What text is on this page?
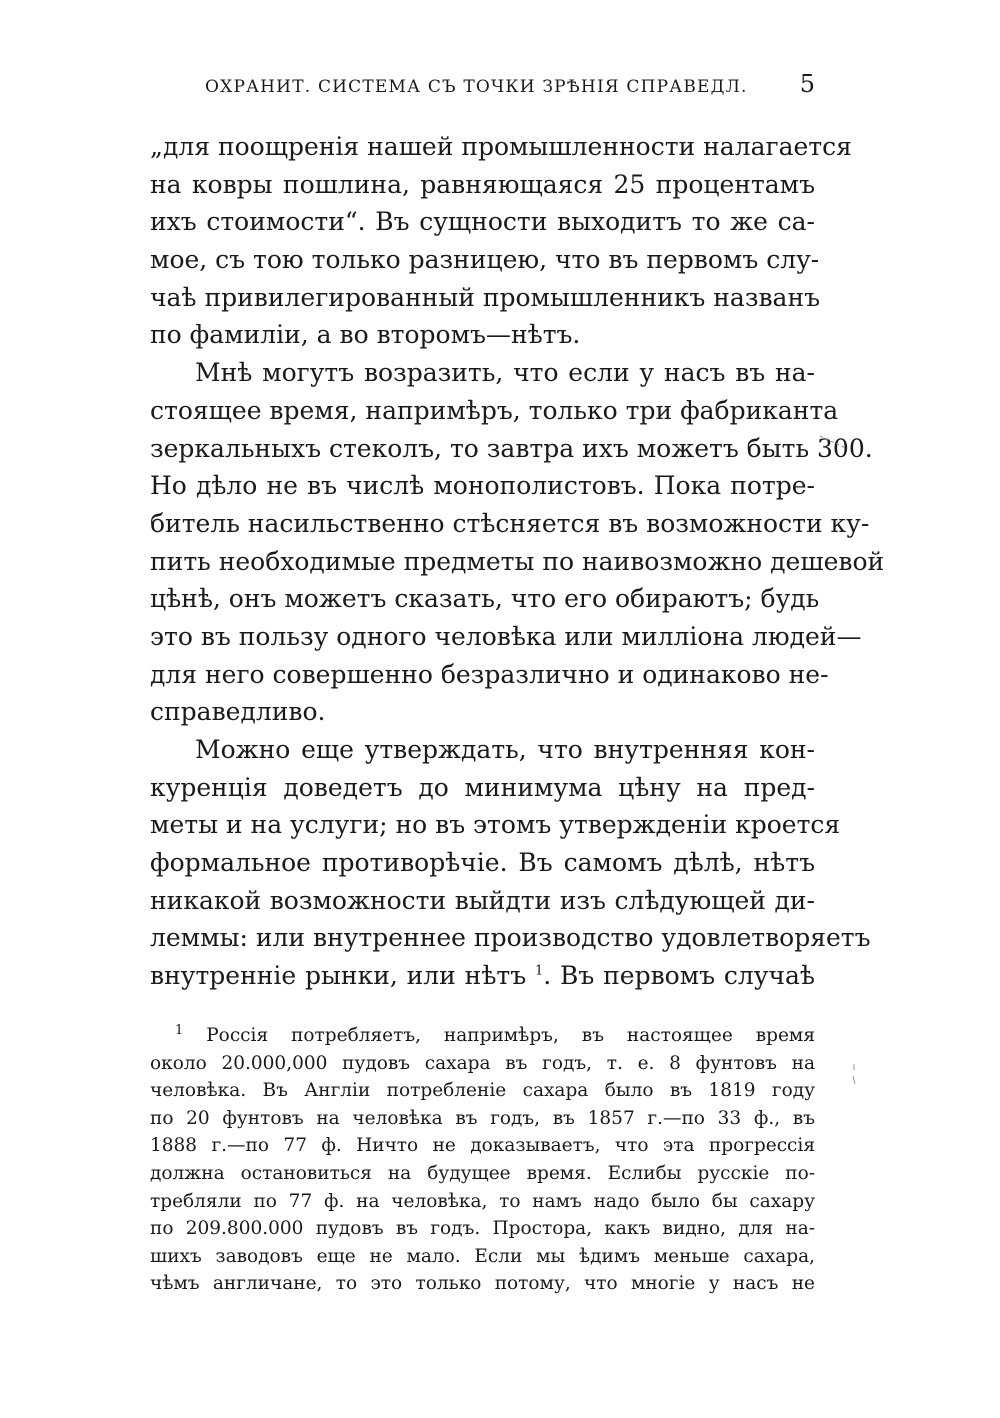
ОХРАНИТ. СИСТЕМА СЪ ТОЧКИ ЗРѢНІЯ СПРАВЕДЛ. 5
„для поощренія нашей промышленности налагается
на ковры пошлина, равняющаяся 25 процентамъ
ихъ стоимости“. Въ сущности выходитъ то же са-
мое, съ тою только разницею, что въ первомъ слу-
чаѣ привилегированный промышленникъ названъ
по фамиліи, а во второмъ—нѣтъ.
Мнѣ могутъ возразить, что если у насъ въ на-
стоящее время, напримѣръ, только три фабриканта
зеркальныхъ стеколъ, то завтра ихъ можетъ быть 300.
Но дѣло не въ числѣ монополистовъ. Пока потре-
битель насильственно стѣсняется въ возможности ку-
пить необходимые предметы по наивозможно дешевой
цѣнѣ, онъ можетъ сказать, что его обираютъ; будь
это въ пользу одного человѣка или милліона людей—
для него совершенно безразлично и одинаково не-
справедливо.
Можно еще утверждать, что внутренняя кон-
куренція доведетъ до минимума цѣну на пред-
меты и на услуги; но въ этомъ утвержденіи кроется
формальное противорѣчіе. Въ самомъ дѣлѣ, нѣтъ
никакой возможности выйдти изъ слѣдующей ди-
леммы: или внутреннее производство удовлетворяетъ
внутренніе рынки, или нѣтъ $^1$. Въ первомъ случаѣ
$^1$ Россія потребляетъ, напримѣръ, въ настоящее время
около 20.000,000 пудовъ сахара въ годъ, т. е. 8 фунтовъ на
человѣка. Въ Англіи потребленіе сахара было въ 1819 году
по 20 фунтовъ на человѣка въ годъ, въ 1857 г.—по 33 ф., въ
1888 г.—по 77 ф. Ничто не доказываетъ, что эта прогрессія
должна остановиться на будущее время. Еслибы русскіе по-
требляли по 77 ф. на человѣка, то намъ надо было бы сахару
по 209.800.000 пудовъ въ годъ. Простора, какъ видно, для на-
шихъ заводовъ еще не мало. Если мы ѣдимъ меньше сахара,
чѣмъ англичане, то это только потому, что многіе у насъ не
